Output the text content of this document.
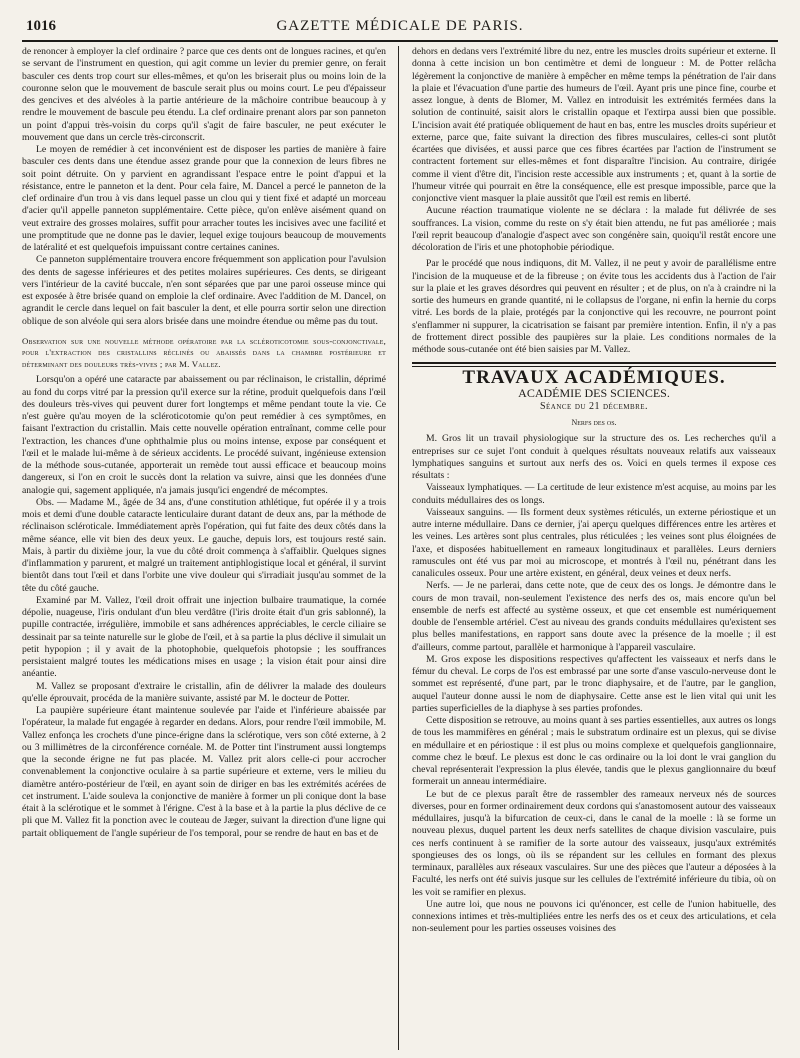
1016	GAZETTE MÉDICALE DE PARIS.

de renoncer à employer la clef ordinaire ? parce que ces dents ont de longues racines, et qu'en se servant de l'instrument en question, qui agit comme un levier du premier genre, on ferait basculer ces dents trop court sur elles-mêmes, et qu'on les briserait plus ou moins loin de la couronne selon que le mouvement de bascule serait plus ou moins court. Le peu d'épaisseur des gencives et des alvéoles à la partie antérieure de la mâchoire contribue beaucoup à y rendre le mouvement de bascule peu étendu. La clef ordinaire prenant alors par son panneton un point d'appui très-voisin du corps qu'il s'agit de faire basculer, ne peut exécuter le mouvement que dans un cercle très-circonscrit.

Le moyen de remédier à cet inconvénient est de disposer les parties de manière à faire basculer ces dents dans une étendue assez grande pour que la connexion de leurs fibres ne soit point détruite. On y parvient en agrandissant l'espace entre le point d'appui et la résistance, entre le panneton et la dent. Pour cela faire, M. Dancel a percé le panneton de la clef ordinaire d'un trou à vis dans lequel passe un clou qui y tient fixé et adapté un morceau d'acier qu'il appelle panneton supplémentaire. Cette pièce, qu'on enlève aisément quand on veut extraire des grosses molaires, suffit pour arracher toutes les incisives avec une facilité et une promptitude que ne donne pas le davier, lequel exige toujours beaucoup de mouvements de latéralité et est quelquefois impuissant contre certaines canines.

Ce panneton supplémentaire trouvera encore fréquemment son application pour l'avulsion des dents de sagesse inférieures et des petites molaires supérieures. Ces dents, se dirigeant vers l'intérieur de la cavité buccale, n'en sont séparées que par une paroi osseuse mince qui est exposée à être brisée quand on emploie la clef ordinaire. Avec l'addition de M. Dancel, on agrandit le cercle dans lequel on fait basculer la dent, et elle pourra sortir selon une direction oblique de son alvéole qui sera alors brisée dans une moindre étendue ou même pas du tout.

Observation sur une nouvelle méthode opératoire par la scléroticotomie sous-conjonctivale, pour l'extraction des cristallins réclinés ou abaissés dans la chambre postérieure et déterminant des douleurs très-vives ; par M. Vallez.

Lorsqu'on a opéré une cataracte par abaissement ou par réclinaison, le cristallin, déprimé au fond du corps vitré par la pression qu'il exerce sur la rétine, produit quelquefois dans l'œil des douleurs très-vives qui peuvent durer fort longtemps et même pendant toute la vie. Ce n'est guère qu'au moyen de la scléroticotomie qu'on peut remédier à ces symptômes, en faisant l'extraction du cristallin. Mais cette nouvelle opération entraînant, comme celle pour l'extraction, les chances d'une ophthalmie plus ou moins intense, expose par conséquent et l'œil et le malade lui-même à de sérieux accidents. Le procédé suivant, ingénieuse extension de la méthode sous-cutanée, apporterait un remède tout aussi efficace et beaucoup moins dangereux, si l'on en croit le succès dont la relation va suivre, ainsi que les données d'une analogie qui, sagement appliquée, n'a jamais jusqu'ici engendré de mécomptes.

Obs. — Madame M., âgée de 34 ans, d'une constitution athlétique, fut opérée il y a trois mois et demi d'une double cataracte lenticulaire durant datant de deux ans, par la méthode de réclinaison scléroticale. Immédiatement après l'opération, qui fut faite des deux côtés dans la même séance, elle vit bien des deux yeux. Le gauche, depuis lors, est toujours resté sain. Mais, à partir du dixième jour, la vue du côté droit commença à s'affaiblir. Quelques signes d'inflammation y parurent, et malgré un traitement antiphlogistique local et général, il survint bientôt dans tout l'œil et dans l'orbite une vive douleur qui s'irradiait jusqu'au sommet de la tête du côté gauche.

Examiné par M. Vallez, l'œil droit offrait une injection bulbaire traumatique, la cornée dépolie, nuageuse, l'iris ondulant d'un bleu verdâtre (l'iris droite était d'un gris sablonné), la pupille contractée, irrégulière, immobile et sans adhérences appréciables, le cercle ciliaire se dessinait par sa teinte naturelle sur le globe de l'œil, et à sa partie la plus déclive il simulait un petit hypopion ; il y avait de la photophobie, quelquefois photopsie ; les souffrances persistaient malgré toutes les médications mises en usage ; la vision était pour ainsi dire anéantie.

M. Vallez se proposant d'extraire le cristallin, afin de délivrer la malade des douleurs qu'elle éprouvait, procéda de la manière suivante, assisté par M. le docteur de Potter.

La paupière supérieure étant maintenue soulevée par l'aide et l'inférieure abaissée par l'opérateur, la malade fut engagée à regarder en dedans. Alors, pour rendre l'œil immobile, M. Vallez enfonça les crochets d'une pince-érigne dans la sclérotique, vers son côté externe, à 2 ou 3 millimètres de la circonférence cornéale. M. de Potter tint l'instrument aussi longtemps que la seconde érigne ne fut pas placée. M. Vallez prit alors celle-ci pour accrocher convenablement la conjonctive oculaire à sa partie supérieure et externe, vers le milieu du diamètre antéro-postérieur de l'œil, en ayant soin de diriger en bas les extrémités acérées de cet instrument. L'aide souleva la conjonctive de manière à former un pli conique dont la base était à la sclérotique et le sommet à l'érigne. C'est à la base et à la partie la plus déclive de ce pli que M. Vallez fit la ponction avec le couteau de Jæger, suivant la direction d'une ligne qui partait obliquement de l'angle supérieur de l'os temporal, pour se rendre de haut en bas et de

dehors en dedans vers l'extrémité libre du nez, entre les muscles droits supérieur et externe. Il donna à cette incision un bon centimètre et demi de longueur : M. de Potter relâcha légèrement la conjonctive de manière à empêcher en même temps la pénétration de l'air dans la plaie et l'évacuation d'une partie des humeurs de l'œil. Ayant pris une pince fine, courbe et assez longue, à dents de Blomer, M. Vallez en introduisit les extrémités fermées dans la solution de continuité, saisit alors le cristallin opaque et l'extirpa aussi bien que possible. L'incision avait été pratiquée obliquement de haut en bas, entre les muscles droits supérieur et externe, parce que, faite suivant la direction des fibres musculaires, celles-ci sont plutôt écartées que divisées, et aussi parce que ces fibres écartées par l'action de l'instrument se contractent fortement sur elles-mêmes et font disparaître l'incision. Au contraire, dirigée comme il vient d'être dit, l'incision reste accessible aux instruments ; et, quant à la sortie de l'humeur vitrée qui pourrait en être la conséquence, elle est presque impossible, parce que la conjonctive vient masquer la plaie aussitôt que l'œil est remis en liberté.

Aucune réaction traumatique violente ne se déclara : la malade fut délivrée de ses souffrances. La vision, comme du reste on s'y était bien attendu, ne fut pas améliorée ; mais l'œil reprit beaucoup d'analogie d'aspect avec son congénère sain, quoiqu'il restât encore une décoloration de l'iris et une photophobie périodique.

Par le procédé que nous indiquons, dit M. Vallez, il ne peut y avoir de parallélisme entre l'incision de la muqueuse et de la fibreuse ; on évite tous les accidents dus à l'action de l'air sur la plaie et les graves désordres qui peuvent en résulter ; et de plus, on n'a à craindre ni la sortie des humeurs en grande quantité, ni le collapsus de l'organe, ni enfin la hernie du corps vitré. Les bords de la plaie, protégés par la conjonctive qui les recouvre, ne pourront point s'enflammer ni suppurer, la cicatrisation se faisant par première intention. Enfin, il n'y a pas de frottement direct possible des paupières sur la plaie. Les conditions normales de la méthode sous-cutanée ont été bien saisies par M. Vallez.

TRAVAUX ACADÉMIQUES.
ACADÉMIE DES SCIENCES.
Séance du 21 décembre.
Nerfs des os.

M. Gros lit un travail physiologique sur la structure des os. Les recherches qu'il a entreprises sur ce sujet l'ont conduit à quelques résultats nouveaux relatifs aux vaisseaux lymphatiques sanguins et surtout aux nerfs des os. Voici en quels termes il expose ces résultats :

Vaisseaux lymphatiques. — La certitude de leur existence m'est acquise, au moins par les conduits médullaires des os longs.

Vaisseaux sanguins. — Ils forment deux systèmes réticulés, un externe périostique et un autre interne médullaire. Dans ce dernier, j'ai aperçu quelques différences entre les artères et les veines. Les artères sont plus centrales, plus réticulées ; les veines sont plus éloignées de l'axe, et disposées habituellement en rameaux longitudinaux et parallèles. Leurs derniers ramuscules ont été vus par moi au microscope, et montrés à l'œil nu, pénétrant dans les canalicules osseux. Pour une artère existent, en général, deux veines et deux nerfs.

Nerfs. — Je ne parlerai, dans cette note, que de ceux des os longs. Je démontre dans le cours de mon travail, non-seulement l'existence des nerfs des os, mais encore qu'un bel ensemble de nerfs est affecté au système osseux, et que cet ensemble est numériquement double de l'ensemble artériel. C'est au niveau des grands conduits médullaires qu'existent ses plus belles manifestations, en rapport sans doute avec la présence de la moelle ; il est d'ailleurs, comme partout, parallèle et harmonique à l'appareil vasculaire.

M. Gros expose les dispositions respectives qu'affectent les vaisseaux et nerfs dans le fémur du cheval. Le corps de l'os est embrassé par une sorte d'anse vasculo-nerveuse dont le sommet est représenté, d'une part, par le tronc diaphysaire, et de l'autre, par le ganglion, auquel l'auteur donne aussi le nom de diaphysaire. Cette anse est le lien vital qui unit les parties superficielles de la diaphyse à ses parties profondes.

Cette disposition se retrouve, au moins quant à ses parties essentielles, aux autres os longs de tous les mammifères en général ; mais le substratum ordinaire est un plexus, qui se divise en médullaire et en périostique : il est plus ou moins complexe et quelquefois ganglionnaire, comme chez le bœuf. Le plexus est donc le cas ordinaire ou la loi dont le vrai ganglion du cheval représenterait l'expression la plus élevée, tandis que le plexus ganglionnaire du bœuf formerait un anneau intermédiaire.

Le but de ce plexus paraît être de rassembler des rameaux nerveux nés de sources diverses, pour en former ordinairement deux cordons qui s'anastomosent autour des vaisseaux médullaires, jusqu'à la bifurcation de ceux-ci, dans le canal de la moelle : là se forme un nouveau plexus, duquel partent les deux nerfs satellites de chaque division vasculaire, puis ces nerfs continuent à se ramifier de la sorte autour des vaisseaux, jusqu'aux extrémités spongieuses des os longs, où ils se répandent sur les cellules en formant des plexus terminaux, parallèles aux réseaux vasculaires. Sur une des pièces que l'auteur a déposées à la Faculté, les nerfs ont été suivis jusque sur les cellules de l'extrémité inférieure du tibia, où on les voit se ramifier en plexus.

Une autre loi, que nous ne pouvons ici qu'énoncer, est celle de l'union habituelle, des connexions intimes et très-multipliées entre les nerfs des os et ceux des articulations, et cela non-seulement pour les parties osseuses voisines des
